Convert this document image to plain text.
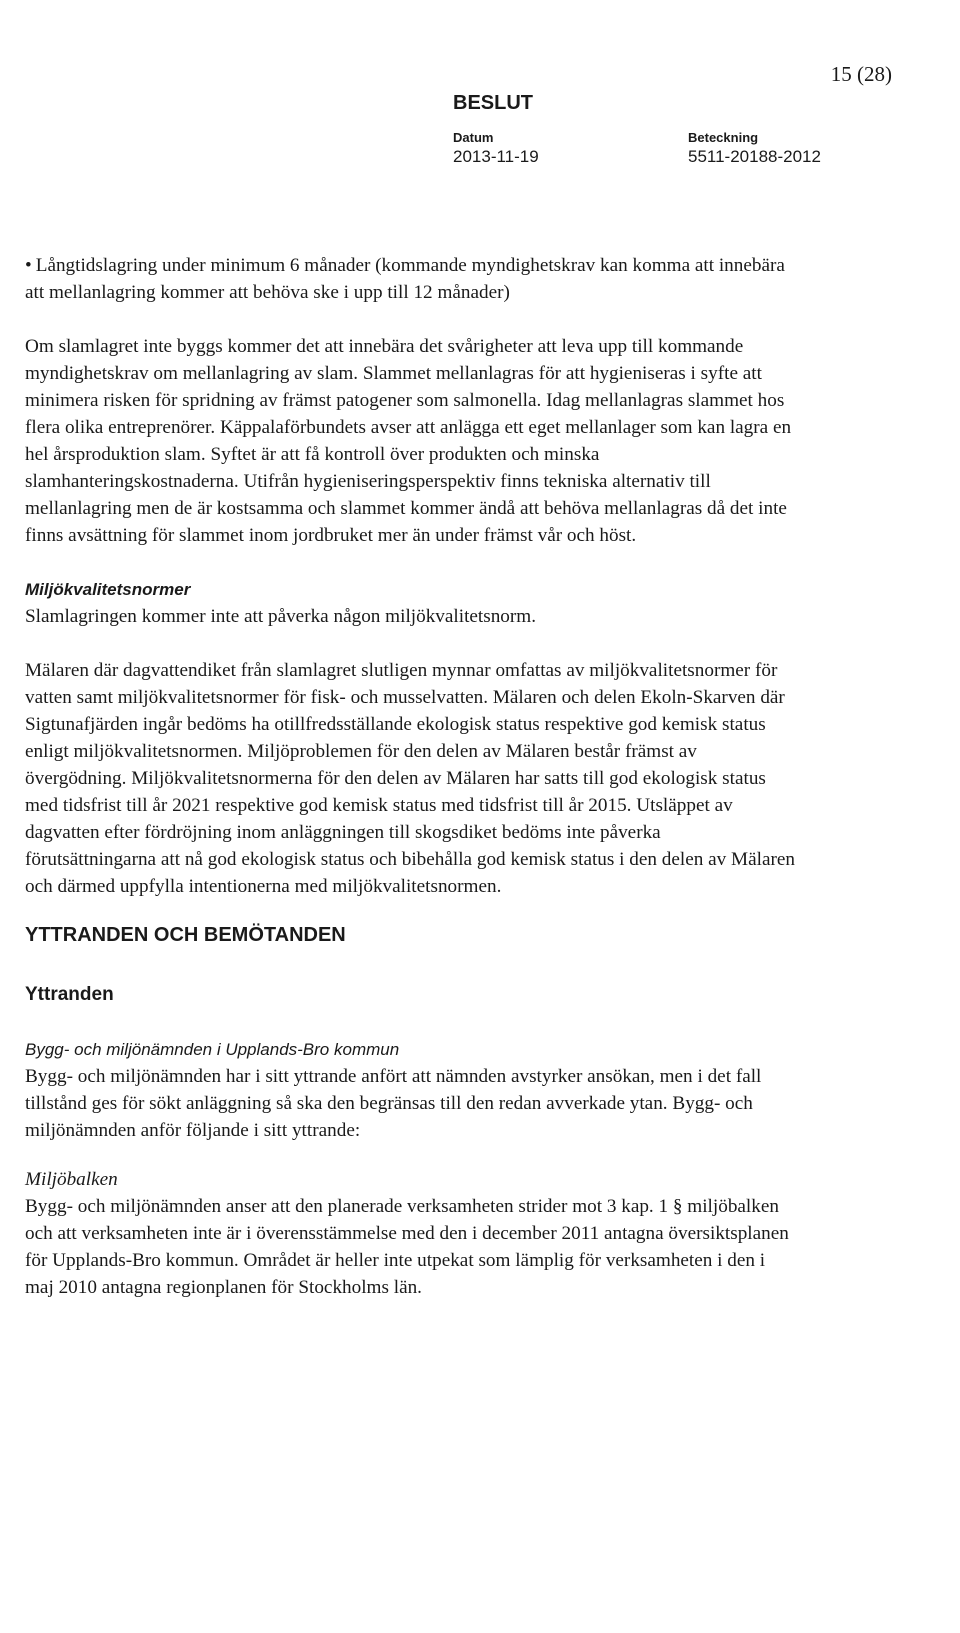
15 (28)
BESLUT
Datum
2013-11-19
Beteckning
5511-20188-2012

• Långtidslagring under minimum 6 månader (kommande myndighetskrav kan komma att innebära att mellanlagring kommer att behöva ske i upp till 12 månader)

Om slamlagret inte byggs kommer det att innebära det svårigheter att leva upp till kommande myndighetskrav om mellanlagring av slam. Slammet mellanlagras för att hygieniseras i syfte att minimera risken för spridning av främst patogener som salmonella. Idag mellanlagras slammet hos flera olika entreprenörer. Käppalaförbundets avser att anlägga ett eget mellanlager som kan lagra en hel årsproduktion slam. Syftet är att få kontroll över produkten och minska slamhanteringskostnaderna. Utifrån hygieniseringsperspektiv finns tekniska alternativ till mellanlagring men de är kostsamma och slammet kommer ändå att behöva mellanlagras då det inte finns avsättning för slammet inom jordbruket mer än under främst vår och höst.

Miljökvalitetsnormer

Slamlagringen kommer inte att påverka någon miljökvalitetsnorm.

Mälaren där dagvattendiket från slamlagret slutligen mynnar omfattas av miljökvalitetsnormer för vatten samt miljökvalitetsnormer för fisk- och musselvatten. Mälaren och delen Ekoln-Skarven där Sigtunafjärden ingår bedöms ha otillfredsställande ekologisk status respektive god kemisk status enligt miljökvalitetsnormen. Miljöproblemen för den delen av Mälaren består främst av övergödning. Miljökvalitetsnormerna för den delen av Mälaren har satts till god ekologisk status med tidsfrist till år 2021 respektive god kemisk status med tidsfrist till år 2015. Utsläppet av dagvatten efter fördröjning inom anläggningen till skogsdiket bedöms inte påverka förutsättningarna att nå god ekologisk status och bibehålla god kemisk status i den delen av Mälaren och därmed uppfylla intentionerna med miljökvalitetsnormen.

YTTRANDEN OCH BEMÖTANDEN
Yttranden
Bygg- och miljönämnden i Upplands-Bro kommun

Bygg- och miljönämnden har i sitt yttrande anfört att nämnden avstyrker ansökan, men i det fall tillstånd ges för sökt anläggning så ska den begränsas till den redan avverkade ytan. Bygg- och miljönämnden anför följande i sitt yttrande:

Miljöbalken

Bygg- och miljönämnden anser att den planerade verksamheten strider mot 3 kap. 1 § miljöbalken och att verksamheten inte är i överensstämmelse med den i december 2011 antagna översiktsplanen för Upplands-Bro kommun. Området är heller inte utpekat som lämplig för verksamheten i den i maj 2010 antagna regionplanen för Stockholms län.
